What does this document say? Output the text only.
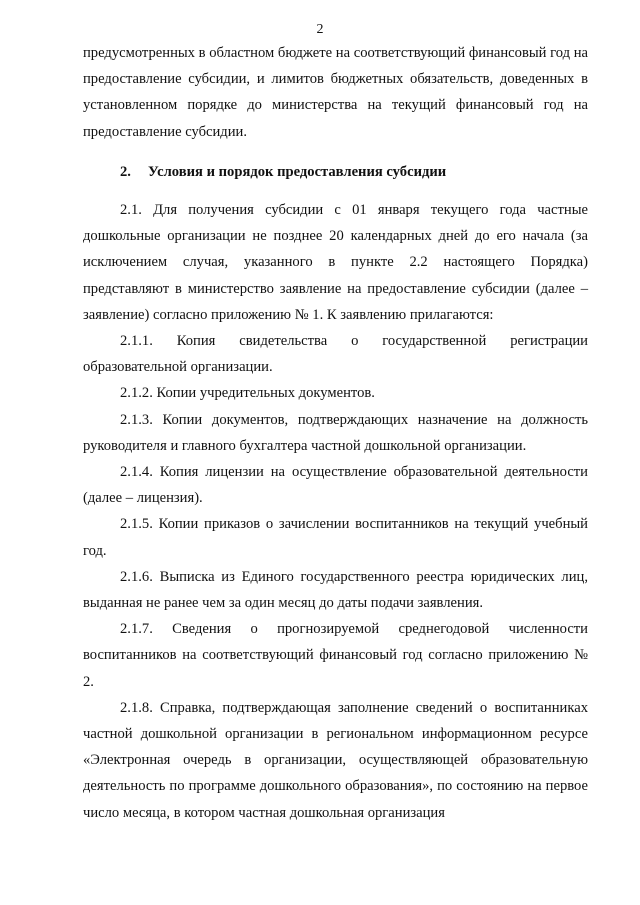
2

предусмотренных в областном бюджете на соответствующий финансовый год на предоставление субсидии, и лимитов бюджетных обязательств, доведенных в установленном порядке до министерства на текущий финансовый год на предоставление субсидии.

2. Условия и порядок предоставления субсидии

2.1. Для получения субсидии с 01 января текущего года частные дошкольные организации не позднее 20 календарных дней до его начала (за исключением случая, указанного в пункте 2.2 настоящего Порядка) представляют в министерство заявление на предоставление субсидии (далее – заявление) согласно приложению № 1. К заявлению прилагаются:

2.1.1. Копия свидетельства о государственной регистрации образовательной организации.

2.1.2. Копии учредительных документов.

2.1.3. Копии документов, подтверждающих назначение на должность руководителя и главного бухгалтера частной дошкольной организации.

2.1.4. Копия лицензии на осуществление образовательной деятельности (далее – лицензия).

2.1.5. Копии приказов о зачислении воспитанников на текущий учебный год.

2.1.6. Выписка из Единого государственного реестра юридических лиц, выданная не ранее чем за один месяц до даты подачи заявления.

2.1.7. Сведения о прогнозируемой среднегодовой численности воспитанников на соответствующий финансовый год согласно приложению № 2.

2.1.8. Справка, подтверждающая заполнение сведений о воспитанниках частной дошкольной организации в региональном информационном ресурсе «Электронная очередь в организации, осуществляющей образовательную деятельность по программе дошкольного образования», по состоянию на первое число месяца, в котором частная дошкольная организация
